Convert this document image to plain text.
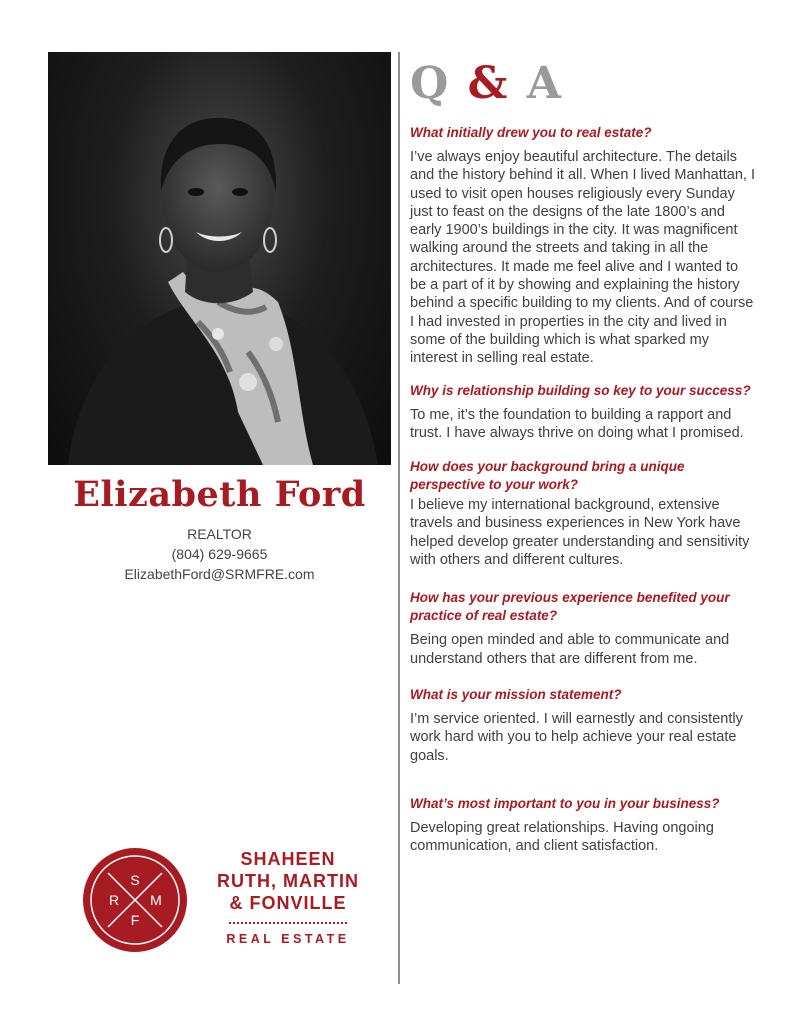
Elizabeth Ford
REALTOR
(804) 629-9665
ElizabethFord@SRMFRE.com
Q & A

What initially drew you to real estate?

I’ve always enjoy beautiful architecture. The details and the history behind it all. When I lived Manhattan, I used to visit open houses religiously every Sunday just to feast on the designs of the late 1800’s and early 1900’s buildings in the city. It was magnificent walking around the streets and taking in all the architectures. It made me feel alive and I wanted to be a part of it by showing and explaining the history behind a specific building to my clients. And of course I had invested in properties in the city and lived in some of the building which is what sparked my interest in selling real estate.

Why is relationship building so key to your success?

To me, it’s the foundation to building a rapport and trust. I have always thrive on doing what I promised.

How does your background bring a unique perspective to your work?

I believe my international background, extensive travels and business experiences in New York have helped develop greater understanding and sensitivity with others and different cultures.

How has your previous experience benefited your practice of real estate?

Being open minded and able to communicate and understand others that are different from me.

What is your mission statement?

I’m service oriented. I will earnestly and consistently work hard with you to help achieve your real estate goals.

What’s most important to you in your business?

Developing great relationships. Having ongoing communication, and client satisfaction.

S
R M
F
SHAHEEN
RUTH, MARTIN
& FONVILLE
REAL ESTATE
